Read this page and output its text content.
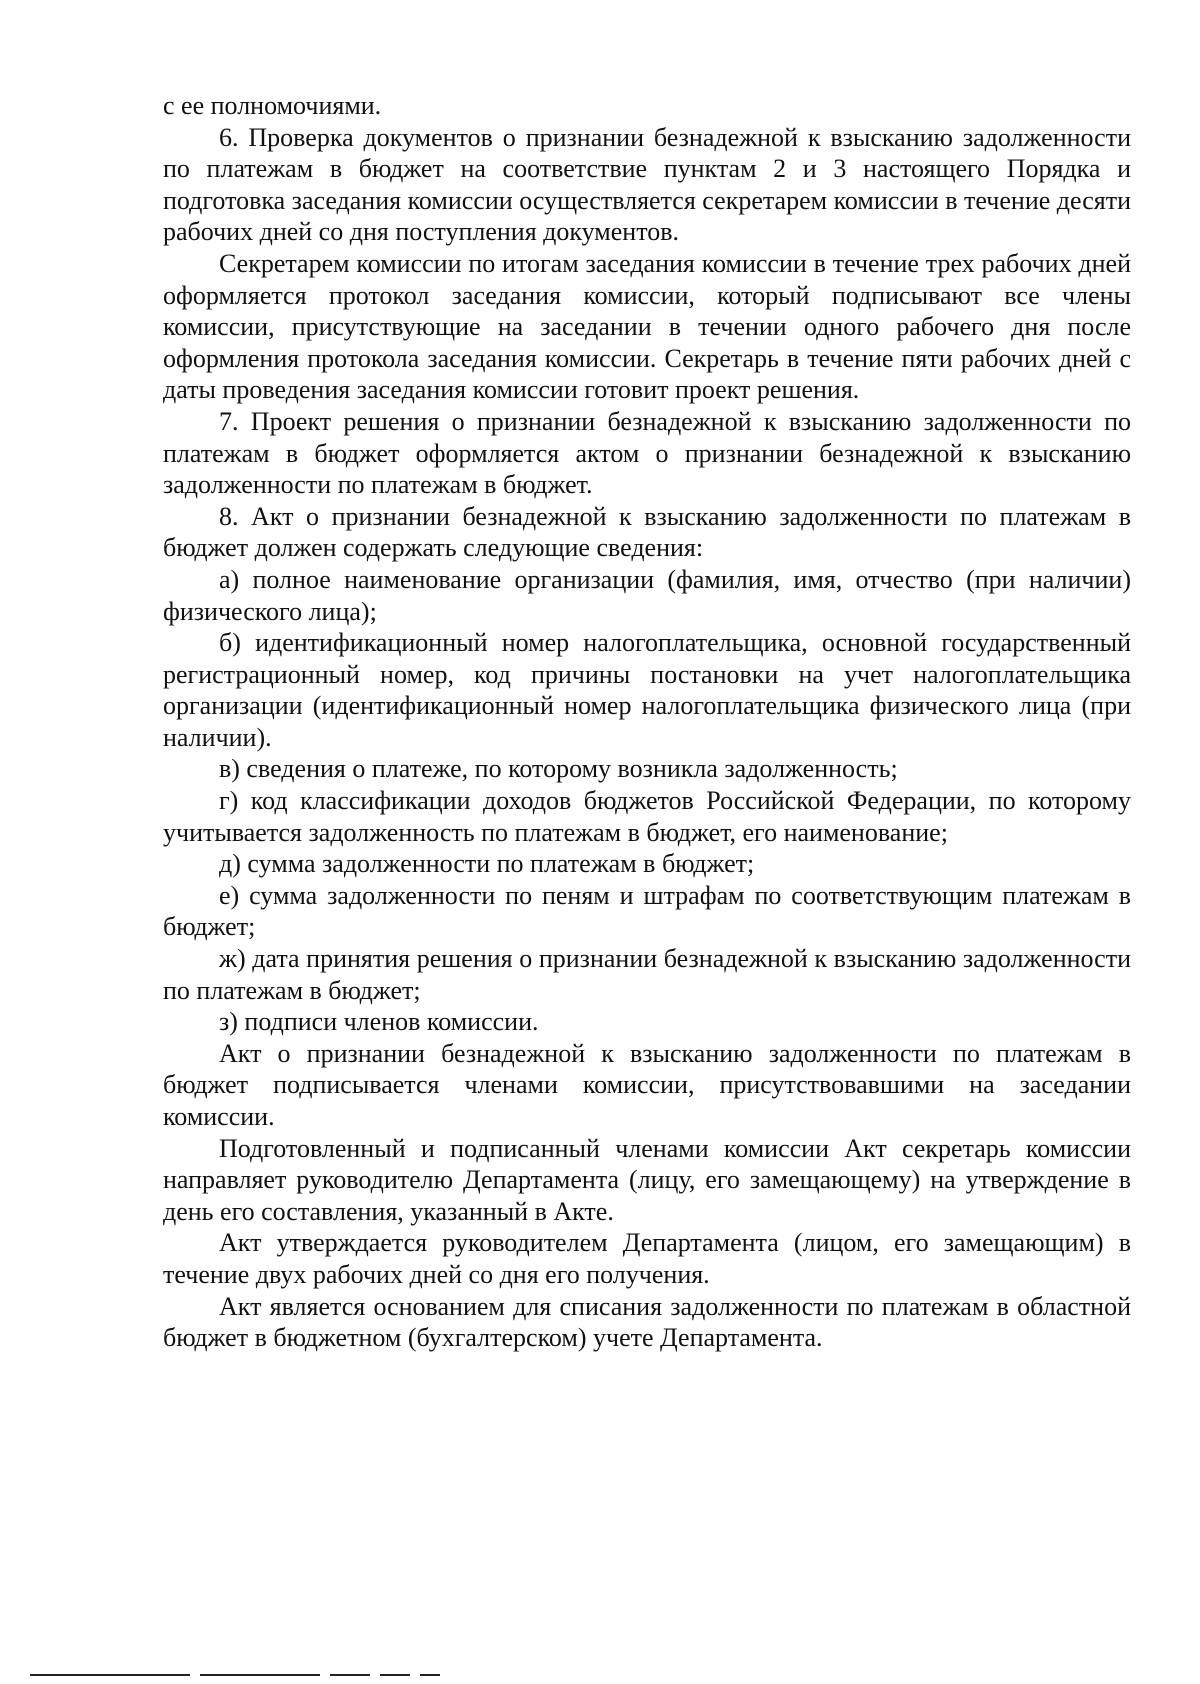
с ее полномочиями.

6. Проверка документов о признании безнадежной к взысканию задолженности по платежам в бюджет на соответствие пунктам 2 и 3 настоящего Порядка и подготовка заседания комиссии осуществляется секретарем комиссии в течение десяти рабочих дней со дня поступления документов.

Секретарем комиссии по итогам заседания комиссии в течение трех рабочих дней оформляется протокол заседания комиссии, который подписывают все члены комиссии, присутствующие на заседании в течении одного рабочего дня после оформления протокола заседания комиссии. Секретарь в течение пяти рабочих дней с даты проведения заседания комиссии готовит проект решения.

7. Проект решения о признании безнадежной к взысканию задолженности по платежам в бюджет оформляется актом о признании безнадежной к взысканию задолженности по платежам в бюджет.

8. Акт о признании безнадежной к взысканию задолженности по платежам в бюджет должен содержать следующие сведения:

а) полное наименование организации (фамилия, имя, отчество (при наличии) физического лица);

б) идентификационный номер налогоплательщика, основной государственный регистрационный номер, код причины постановки на учет налогоплательщика организации (идентификационный номер налогоплательщика физического лица (при наличии).

в) сведения о платеже, по которому возникла задолженность;

г) код классификации доходов бюджетов Российской Федерации, по которому учитывается задолженность по платежам в бюджет, его наименование;

д) сумма задолженности по платежам в бюджет;

е) сумма задолженности по пеням и штрафам по соответствующим платежам в бюджет;

ж) дата принятия решения о признании безнадежной к взысканию задолженности по платежам в бюджет;

з) подписи членов комиссии.

Акт о признании безнадежной к взысканию задолженности по платежам в бюджет подписывается членами комиссии, присутствовавшими на заседании комиссии.

Подготовленный и подписанный членами комиссии Акт секретарь комиссии направляет руководителю Департамента (лицу, его замещающему) на утверждение в день его составления, указанный в Акте.

Акт утверждается руководителем Департамента (лицом, его замещающим) в течение двух рабочих дней со дня его получения.

Акт является основанием для списания задолженности по платежам в областной бюджет в бюджетном (бухгалтерском) учете Департамента.
